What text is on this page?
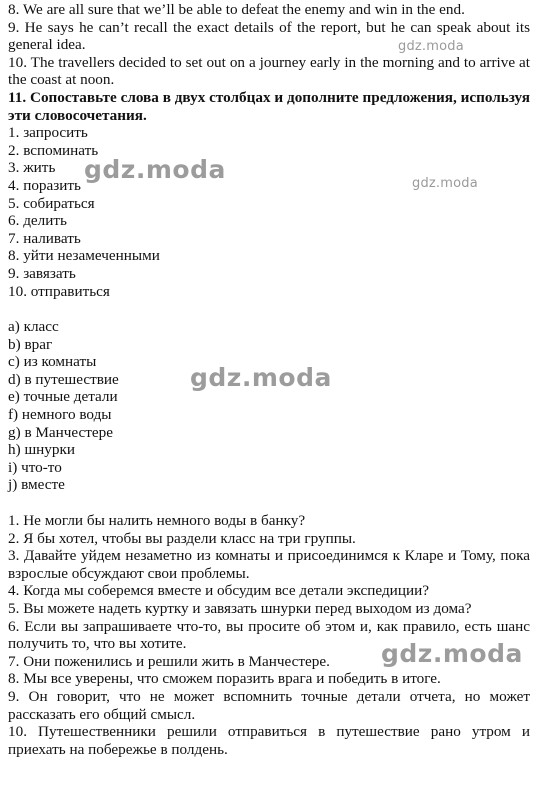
8. We are all sure that we’ll be able to defeat the enemy and win in the end.
9. He says he can’t recall the exact details of the report, but he can speak about its general idea.
10. The travellers decided to set out on a journey early in the morning and to arrive at the coast at noon.
11. Сопоставьте слова в двух столбцах и дополните предложения, используя эти словосочетания.
1. запросить
2. вспоминать
3. жить
4. поразить
5. собираться
6. делить
7. наливать
8. уйти незамеченными
9. завязать
10. отправиться
a) класс
b) враг
c) из комнаты
d) в путешествие
e) точные детали
f) немного воды
g) в Манчестере
h) шнурки
i) что-то
j) вместе
1. Не могли бы налить немного воды в банку?
2. Я бы хотел, чтобы вы раздели класс на три группы.
3. Давайте уйдем незаметно из комнаты и присоединимся к Кларе и Тому, пока взрослые обсуждают свои проблемы.
4. Когда мы соберемся вместе и обсудим все детали экспедиции?
5. Вы можете надеть куртку и завязать шнурки перед выходом из дома?
6. Если вы запрашиваете что-то, вы просите об этом и, как правило, есть шанс получить то, что вы хотите.
7. Они поженились и решили жить в Манчестере.
8. Мы все уверены, что сможем поразить врага и победить в итоге.
9. Он говорит, что не может вспомнить точные детали отчета, но может рассказать его общий смысл.
10. Путешественники решили отправиться в путешествие рано утром и приехать на побережье в полдень.
gdz.moda
gdz.moda
gdz.moda
gdz.moda
gdz.moda
